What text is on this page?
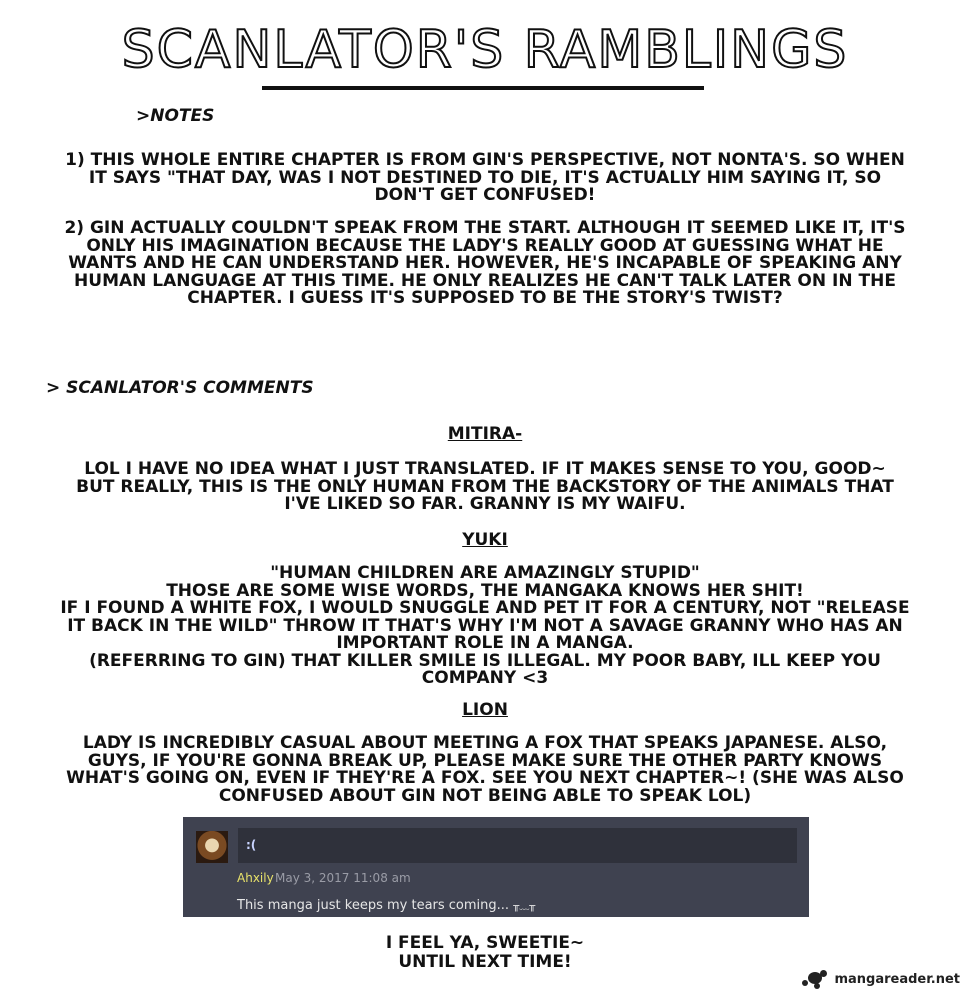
SCANLATOR'S RAMBLINGS
>NOTES
1) THIS WHOLE ENTIRE CHAPTER IS FROM GIN'S PERSPECTIVE, NOT NONTA'S. SO WHEN IT SAYS "THAT DAY, WAS I NOT DESTINED TO DIE, IT'S ACTUALLY HIM SAYING IT, SO DON'T GET CONFUSED!
2) GIN ACTUALLY COULDN'T SPEAK FROM THE START. ALTHOUGH IT SEEMED LIKE IT, IT'S ONLY HIS IMAGINATION BECAUSE THE LADY'S REALLY GOOD AT GUESSING WHAT HE WANTS AND HE CAN UNDERSTAND HER. HOWEVER, HE'S INCAPABLE OF SPEAKING ANY HUMAN LANGUAGE AT THIS TIME. HE ONLY REALIZES HE CAN'T TALK LATER ON IN THE CHAPTER. I GUESS IT'S SUPPOSED TO BE THE STORY'S TWIST?
> SCANLATOR'S COMMENTS
MITIRA-
LOL I HAVE NO IDEA WHAT I JUST TRANSLATED. IF IT MAKES SENSE TO YOU, GOOD~
BUT REALLY, THIS IS THE ONLY HUMAN FROM THE BACKSTORY OF THE ANIMALS THAT I'VE LIKED SO FAR. GRANNY IS MY WAIFU.
YUKI
"HUMAN CHILDREN ARE AMAZINGLY STUPID"
THOSE ARE SOME WISE WORDS, THE MANGAKA KNOWS HER SHIT!
IF I FOUND A WHITE FOX, I WOULD SNUGGLE AND PET IT FOR A CENTURY, NOT "RELEASE IT BACK IN THE WILD" THROW IT THAT'S WHY I'M NOT A SAVAGE GRANNY WHO HAS AN IMPORTANT ROLE IN A MANGA.
(REFERRING TO GIN) THAT KILLER SMILE IS ILLEGAL. MY POOR BABY, ILL KEEP YOU COMPANY <3
LION
LADY IS INCREDIBLY CASUAL ABOUT MEETING A FOX THAT SPEAKS JAPANESE. ALSO, GUYS, IF YOU'RE GONNA BREAK UP, PLEASE MAKE SURE THE OTHER PARTY KNOWS WHAT'S GOING ON, EVEN IF THEY'RE A FOX. SEE YOU NEXT CHAPTER~! (SHE WAS ALSO CONFUSED ABOUT GIN NOT BEING ABLE TO SPEAK LOL)
:(
Ahxily May 3, 2017 11:08 am
This manga just keeps my tears coming... ╥﹏╥
I FEEL YA, SWEETIE~
UNTIL NEXT TIME!
mangareader.net
